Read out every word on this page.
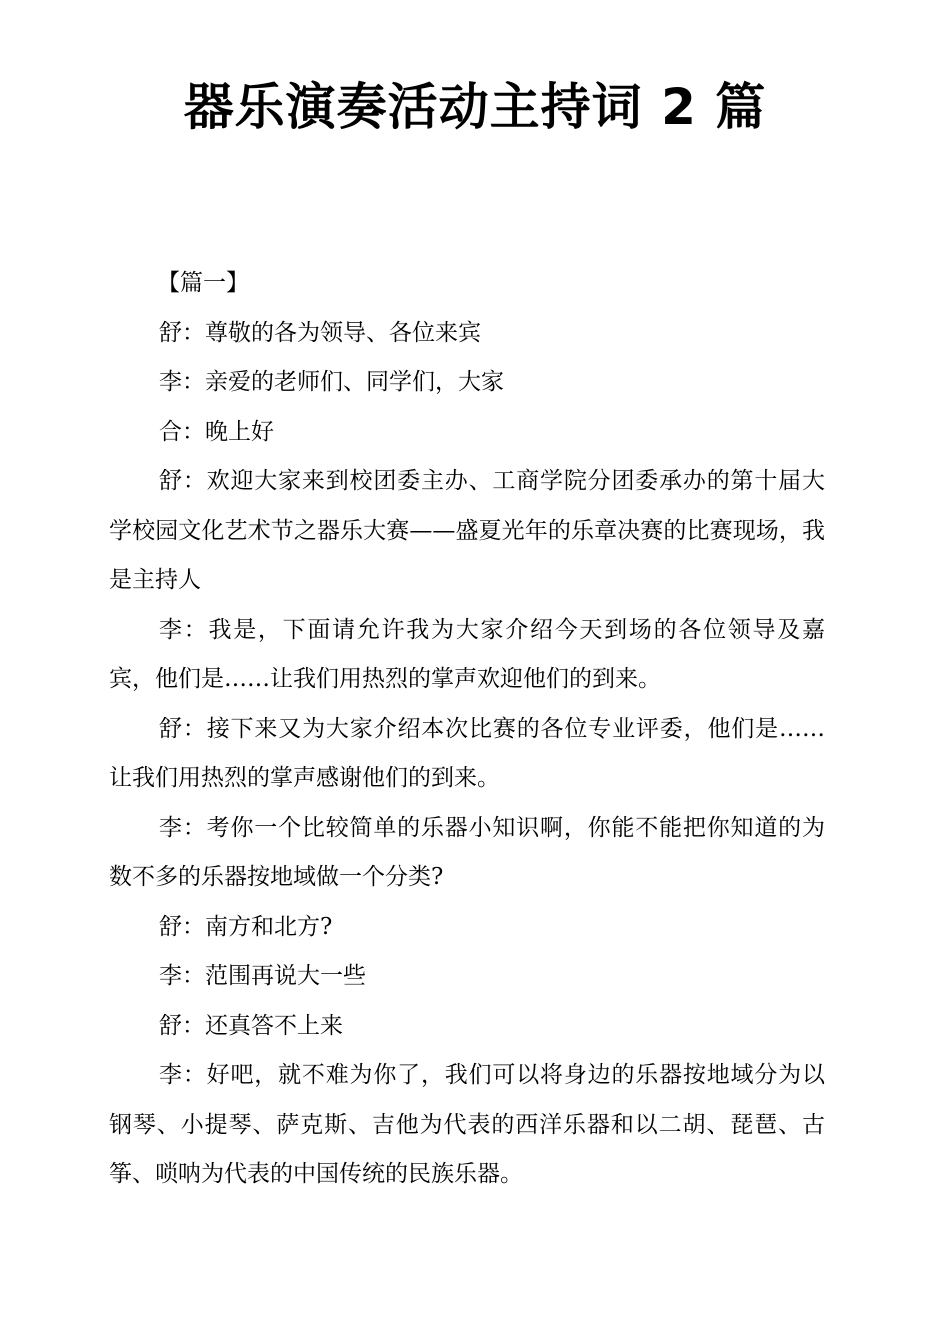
器乐演奏活动主持词 2 篇

【篇一】

舒：尊敬的各为领导、各位来宾

李：亲爱的老师们、同学们，大家

合：晚上好

舒：欢迎大家来到校团委主办、工商学院分团委承办的第十届大学校园文化艺术节之器乐大赛——盛夏光年的乐章决赛的比赛现场，我是主持人

李：我是，下面请允许我为大家介绍今天到场的各位领导及嘉宾，他们是……让我们用热烈的掌声欢迎他们的到来。

舒：接下来又为大家介绍本次比赛的各位专业评委，他们是……让我们用热烈的掌声感谢他们的到来。

李：考你一个比较简单的乐器小知识啊，你能不能把你知道的为数不多的乐器按地域做一个分类?

舒：南方和北方?

李：范围再说大一些

舒：还真答不上来

李：好吧，就不难为你了，我们可以将身边的乐器按地域分为以钢琴、小提琴、萨克斯、吉他为代表的西洋乐器和以二胡、琵琶、古筝、唢呐为代表的中国传统的民族乐器。
